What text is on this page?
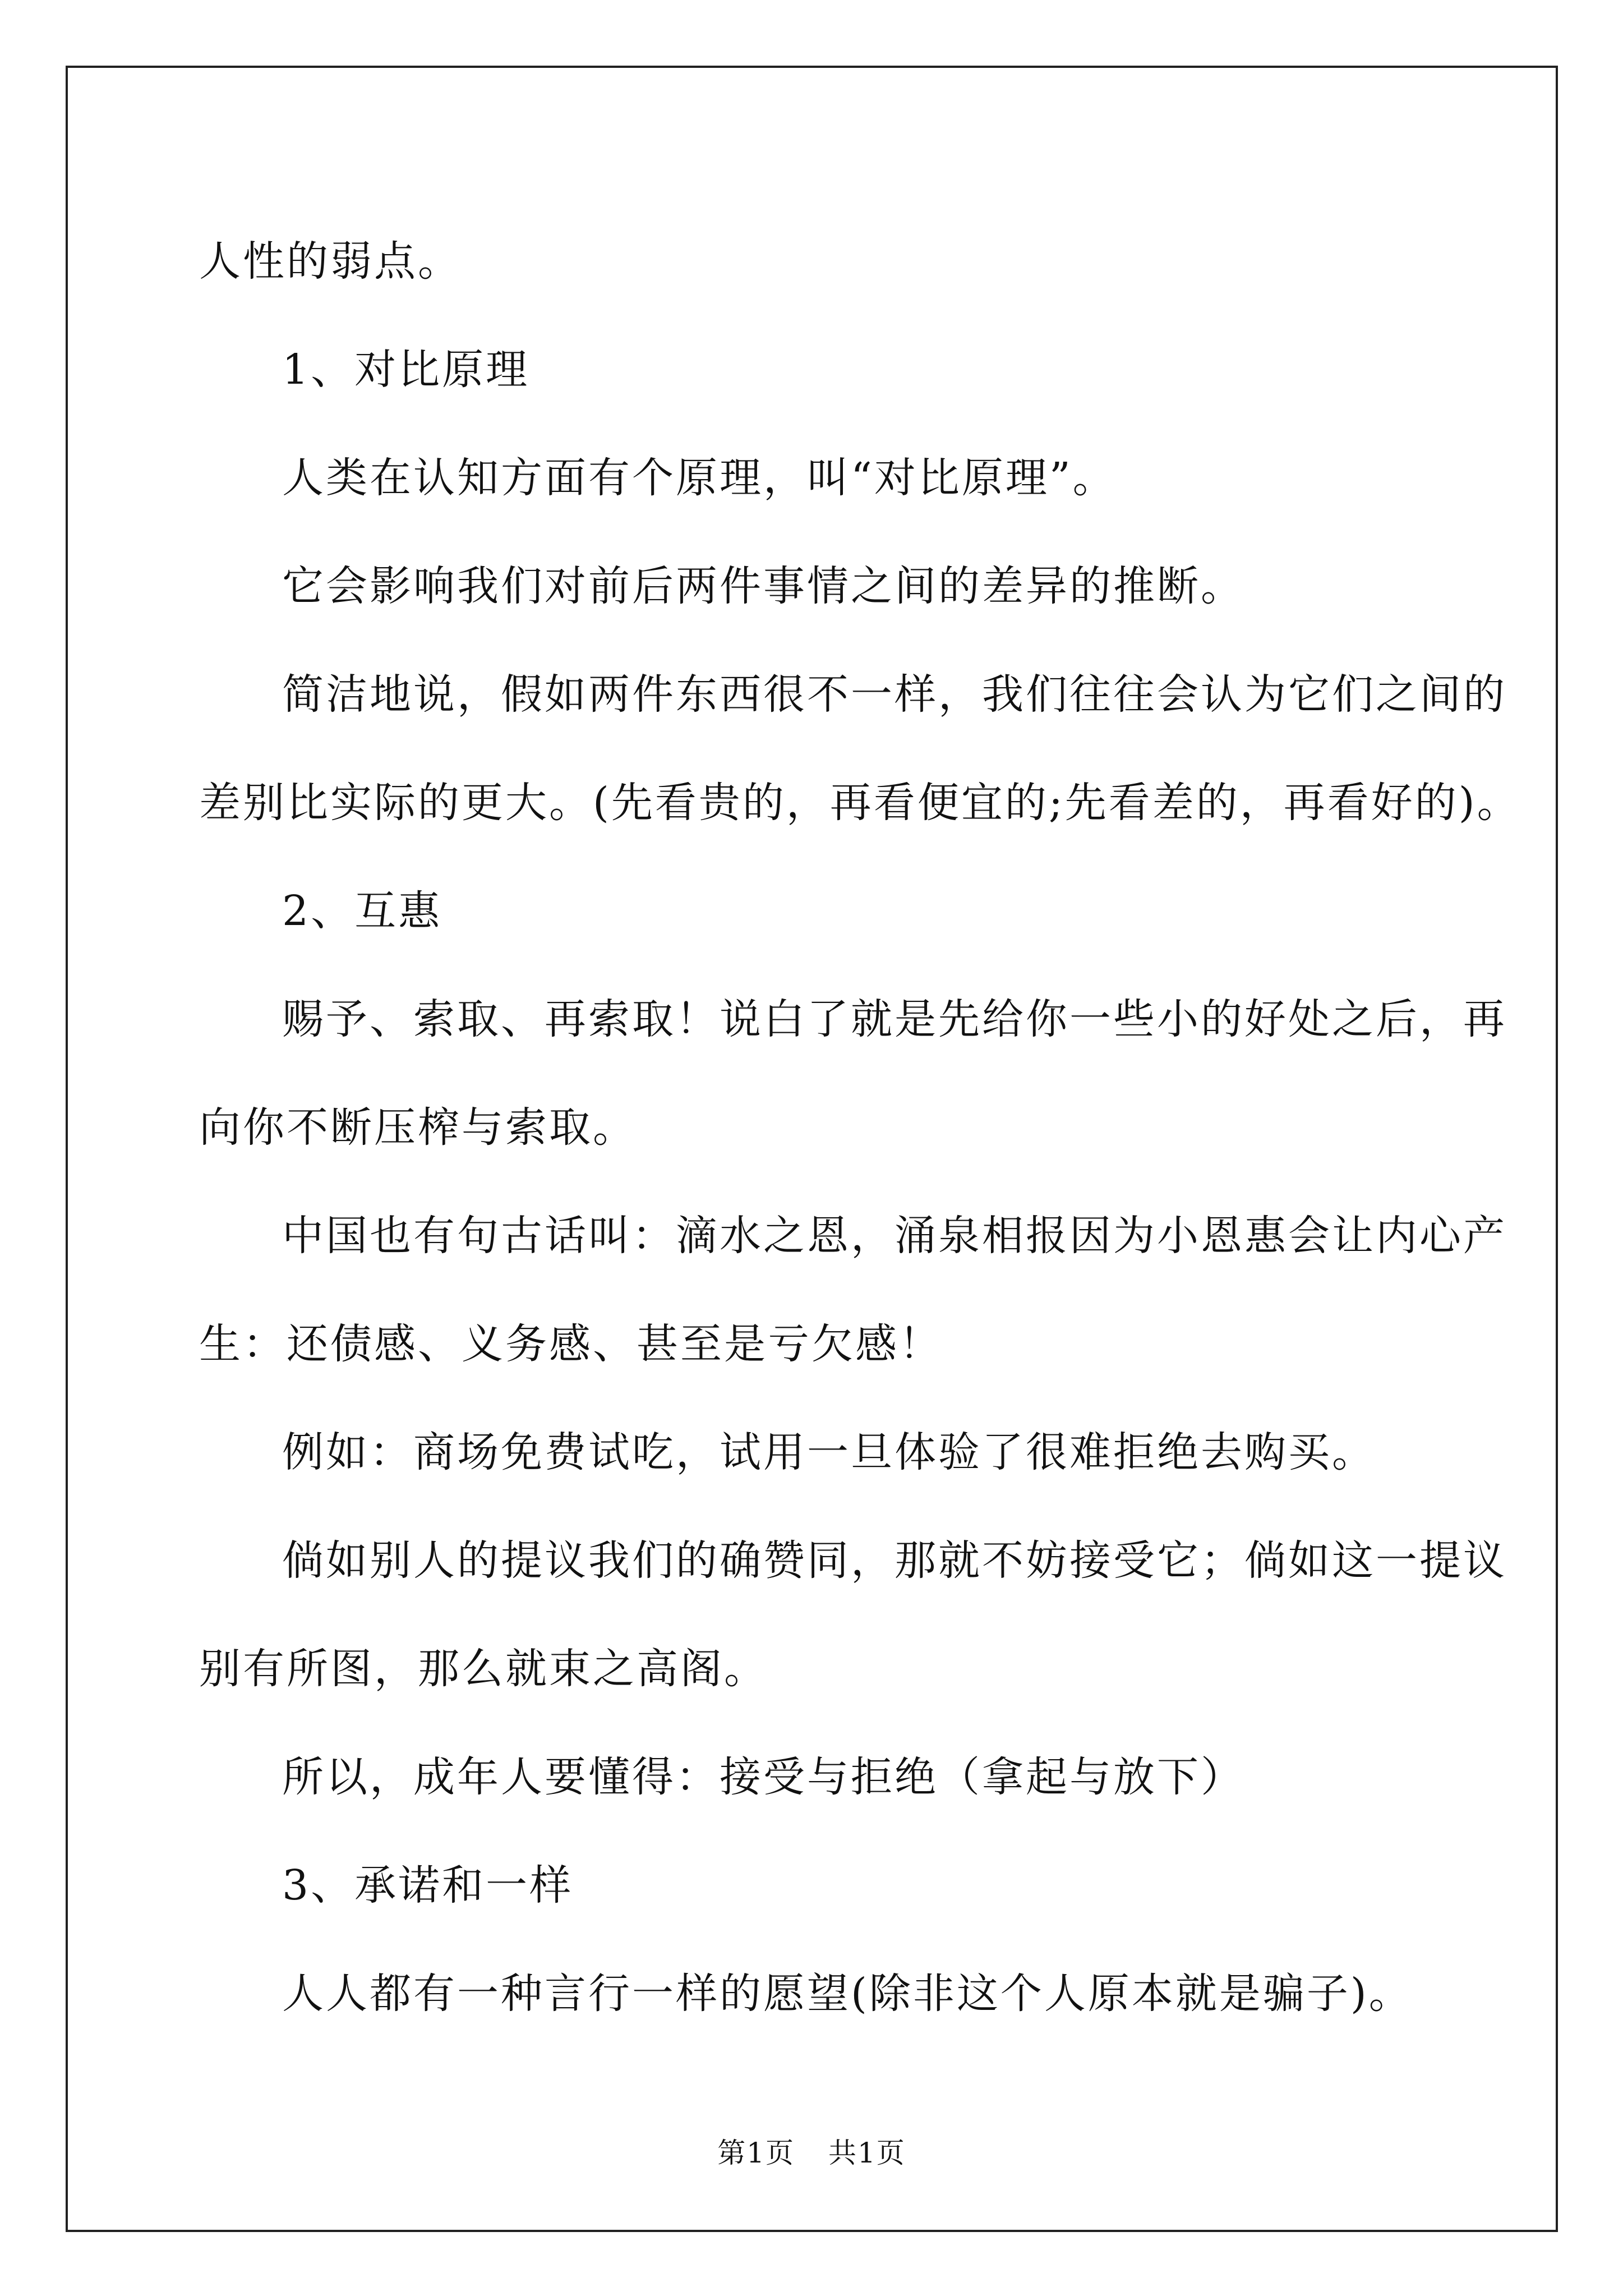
人性的弱点。
1、对比原理
人类在认知方面有个原理，叫“对比原理”。
它会影响我们对前后两件事情之间的差异的推断。
简洁地说，假如两件东西很不一样，我们往往会认为它们之间的
差别比实际的更大。(先看贵的，再看便宜的;先看差的，再看好的)。
2、互惠
赐予、索取、再索取！说白了就是先给你一些小的好处之后，再
向你不断压榨与索取。
中国也有句古话叫：滴水之恩，涌泉相报因为小恩惠会让内心产
生：还债感、义务感、甚至是亏欠感！
例如：商场免费试吃，试用一旦体验了很难拒绝去购买。
倘如别人的提议我们的确赞同，那就不妨接受它；倘如这一提议
别有所图，那么就束之高阁。
所以，成年人要懂得：接受与拒绝（拿起与放下）
3、承诺和一样
人人都有一种言行一样的愿望(除非这个人原本就是骗子)。
第1页 共1页
